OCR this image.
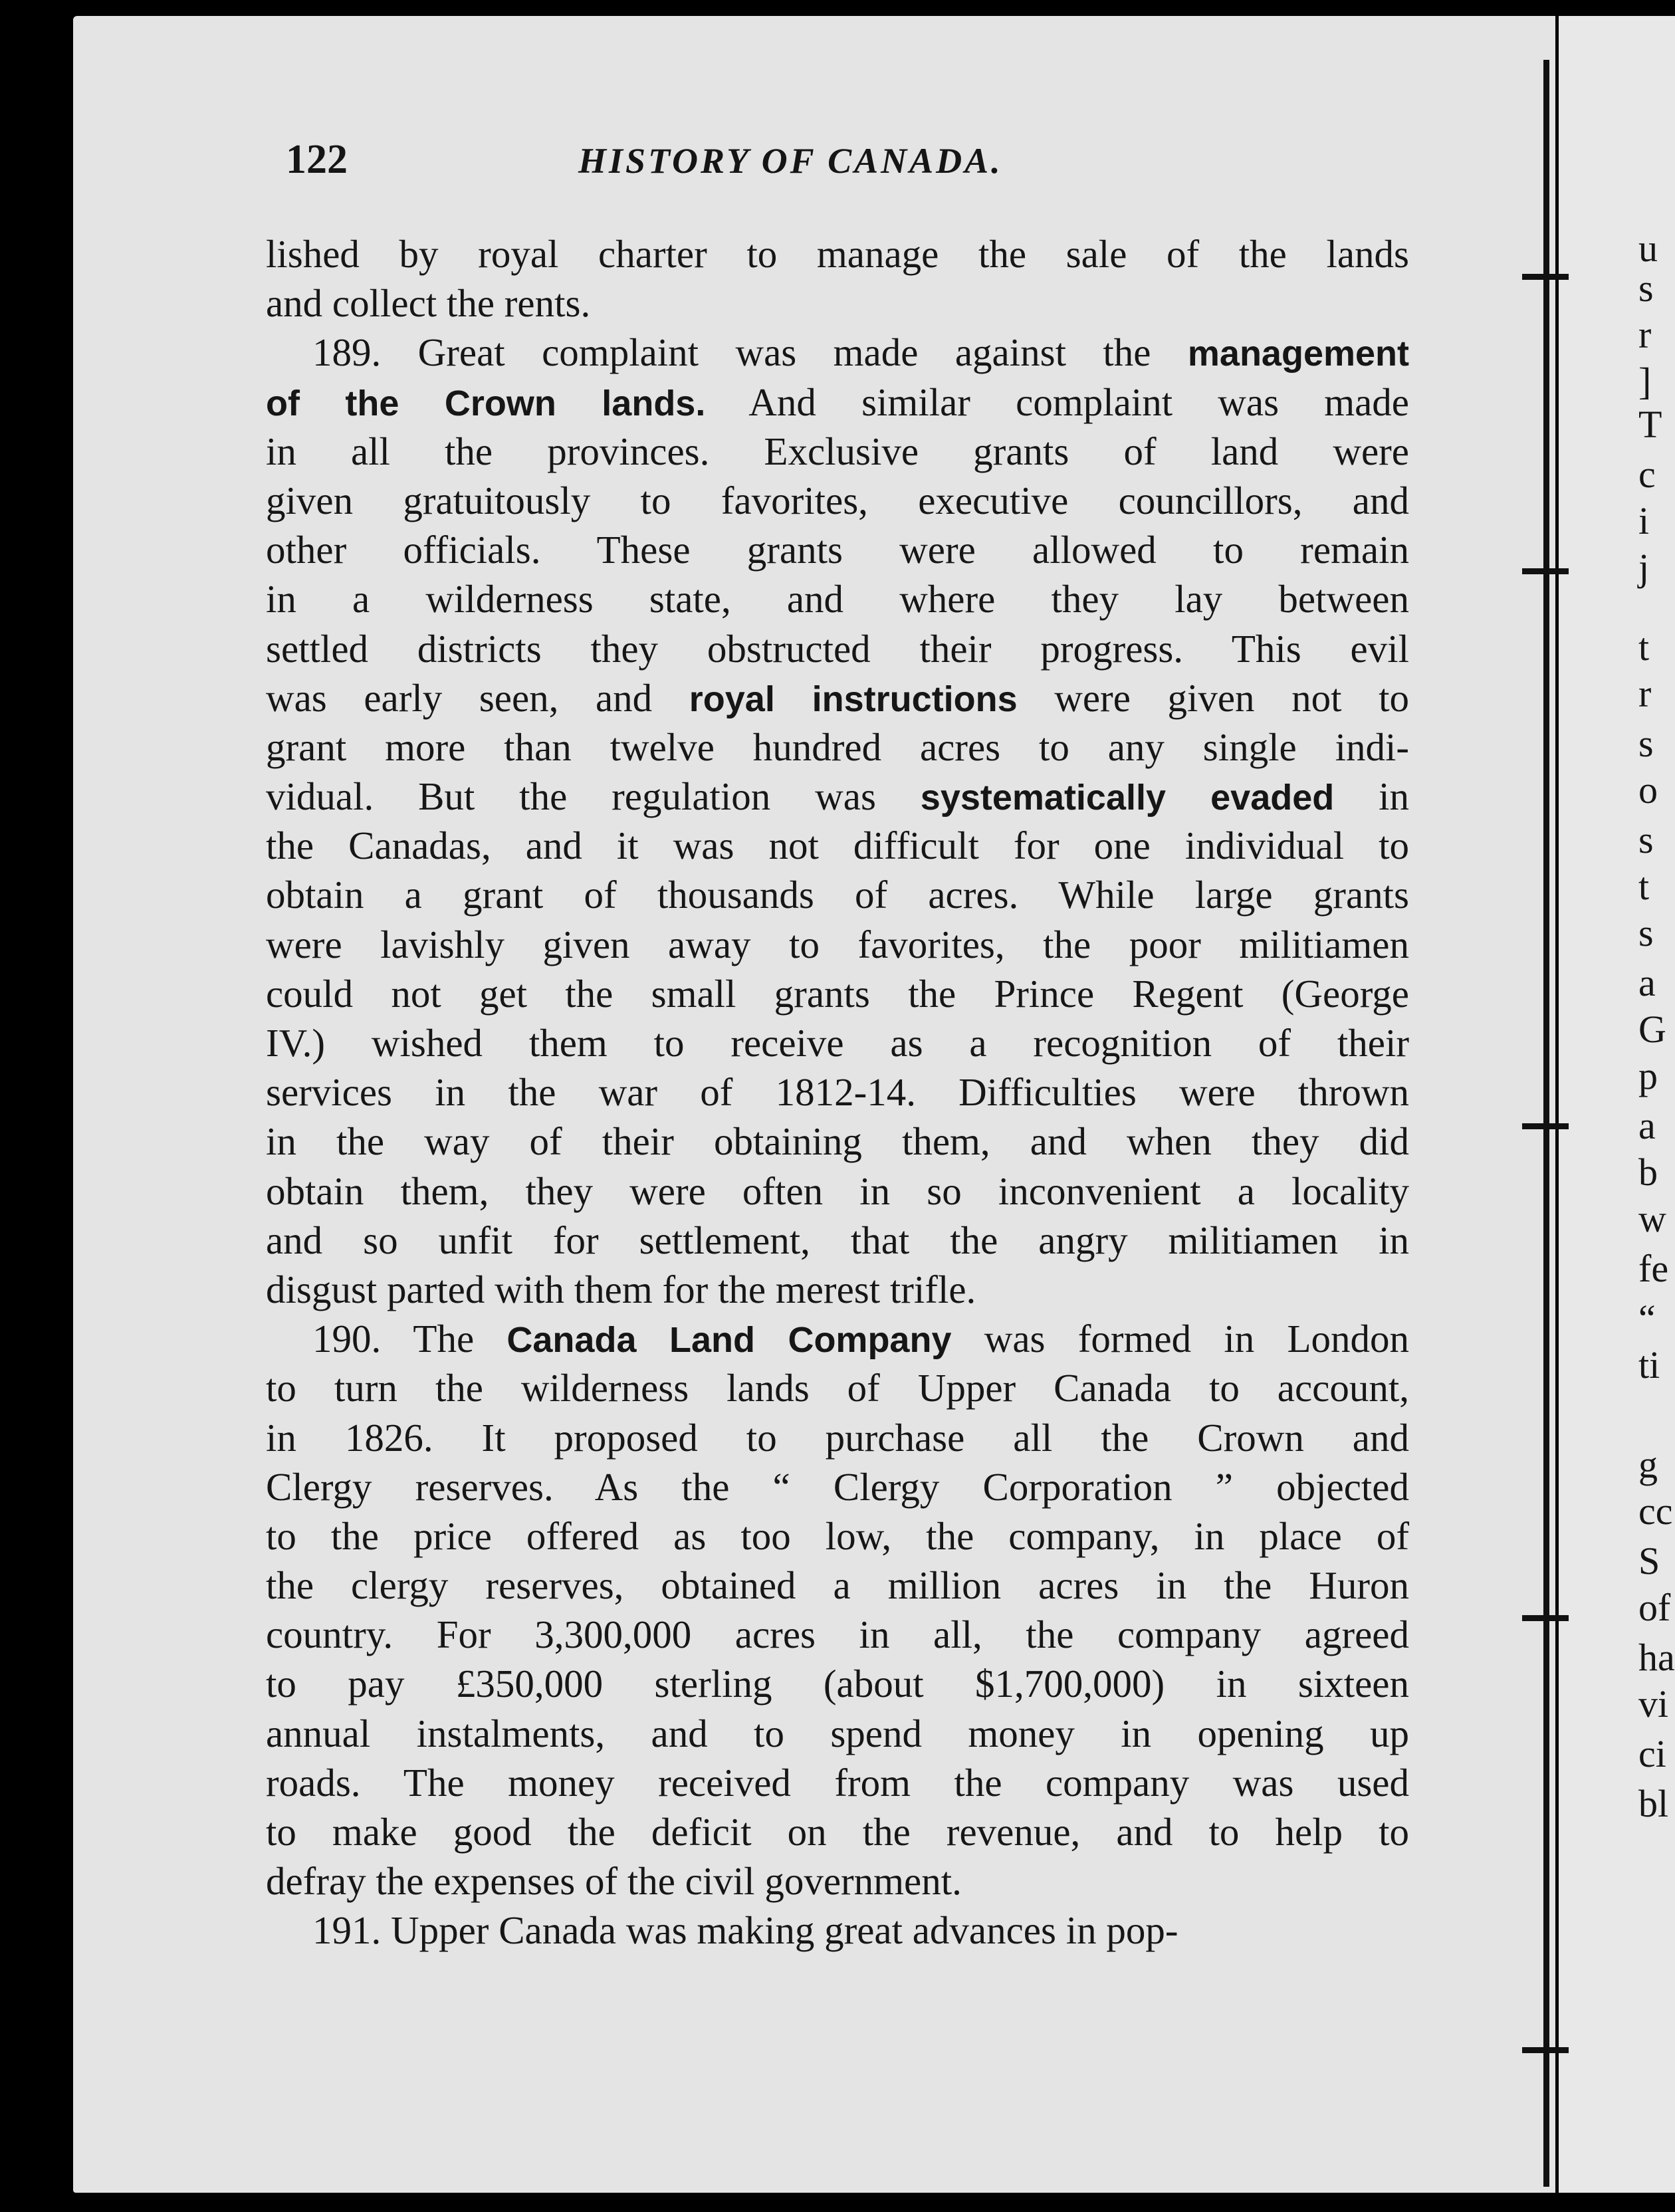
122	HISTORY OF CANADA.
lished by royal charter to manage the sale of the lands
and collect the rents.
189. Great complaint was made against the management
of the Crown lands. And similar complaint was made
in all the provinces. Exclusive grants of land were
given gratuitously to favorites, executive councillors, and
other officials. These grants were allowed to remain
in a wilderness state, and where they lay between
settled districts they obstructed their progress. This evil
was early seen, and royal instructions were given not to
grant more than twelve hundred acres to any single indi-
vidual. But the regulation was systematically evaded in
the Canadas, and it was not difficult for one individual to
obtain a grant of thousands of acres. While large grants
were lavishly given away to favorites, the poor militiamen
could not get the small grants the Prince Regent (George
IV.) wished them to receive as a recognition of their
services in the war of 1812-14. Difficulties were thrown
in the way of their obtaining them, and when they did
obtain them, they were often in so inconvenient a locality
and so unfit for settlement, that the angry militiamen in
disgust parted with them for the merest trifle.
190. The Canada Land Company was formed in London
to turn the wilderness lands of Upper Canada to account,
in 1826. It proposed to purchase all the Crown and
Clergy reserves. As the “ Clergy Corporation ” objected
to the price offered as too low, the company, in place of
the clergy reserves, obtained a million acres in the Huron
country. For 3,300,000 acres in all, the company agreed
to pay £350,000 sterling (about $1,700,000) in sixteen
annual instalments, and to spend money in opening up
roads. The money received from the company was used
to make good the deficit on the revenue, and to help to
defray the expenses of the civil government.
191. Upper Canada was making great advances in pop-
u
s
r
]
T
c
i
j
t
r
s
o
s
t
s
a
G
p
a
b
w
fe
“
ti
g
cc
S
of
ha
vi
ci
bl
